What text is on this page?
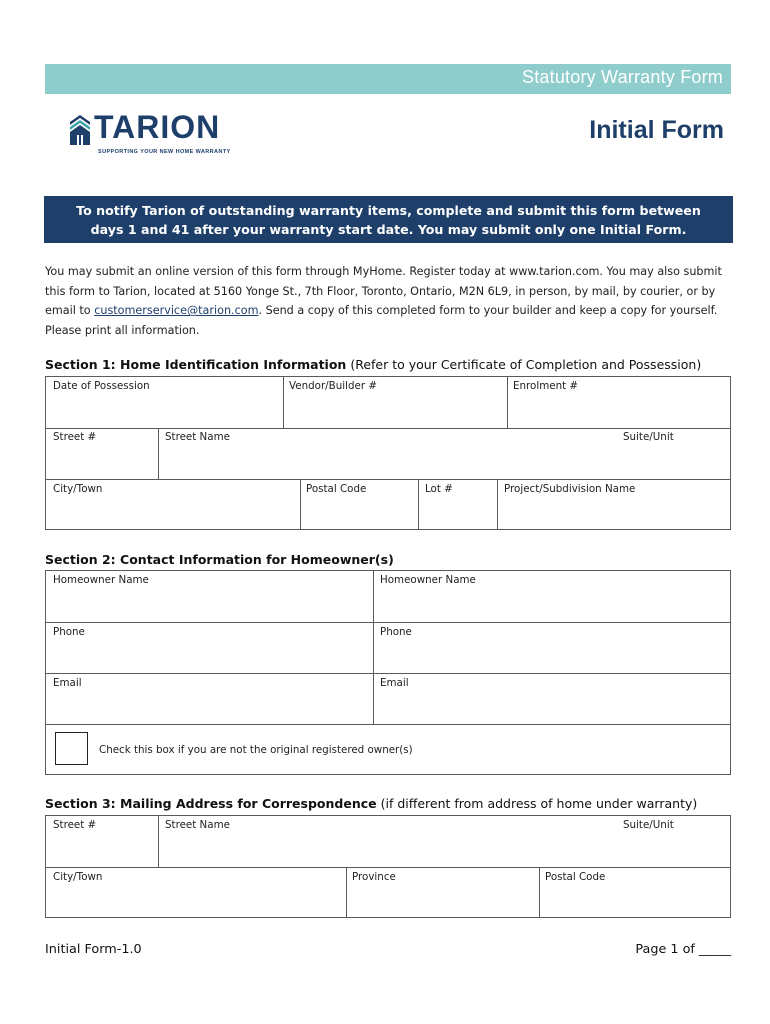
Statutory Warranty Form
TARION
SUPPORTING YOUR NEW HOME WARRANTY
Initial Form
To notify Tarion of outstanding warranty items, complete and submit this form between
days 1 and 41 after your warranty start date. You may submit only one Initial Form.
You may submit an online version of this form through MyHome. Register today at www.tarion.com. You may also submit this form to Tarion, located at 5160 Yonge St., 7th Floor, Toronto, Ontario, M2N 6L9, in person, by mail, by courier, or by email to customerservice@tarion.com. Send a copy of this completed form to your builder and keep a copy for yourself. Please print all information.
Section 1: Home Identification Information (Refer to your Certificate of Completion and Possession)
Date of Possession	Vendor/Builder #	Enrolment #
Street #	Street Name	Suite/Unit
City/Town	Postal Code	Lot #	Project/Subdivision Name
Section 2: Contact Information for Homeowner(s)
Homeowner Name	Homeowner Name
Phone	Phone
Email	Email
Check this box if you are not the original registered owner(s)
Section 3: Mailing Address for Correspondence (if different from address of home under warranty)
Street #	Street Name	Suite/Unit
City/Town	Province	Postal Code
Initial Form-1.0	Page 1 of _____
